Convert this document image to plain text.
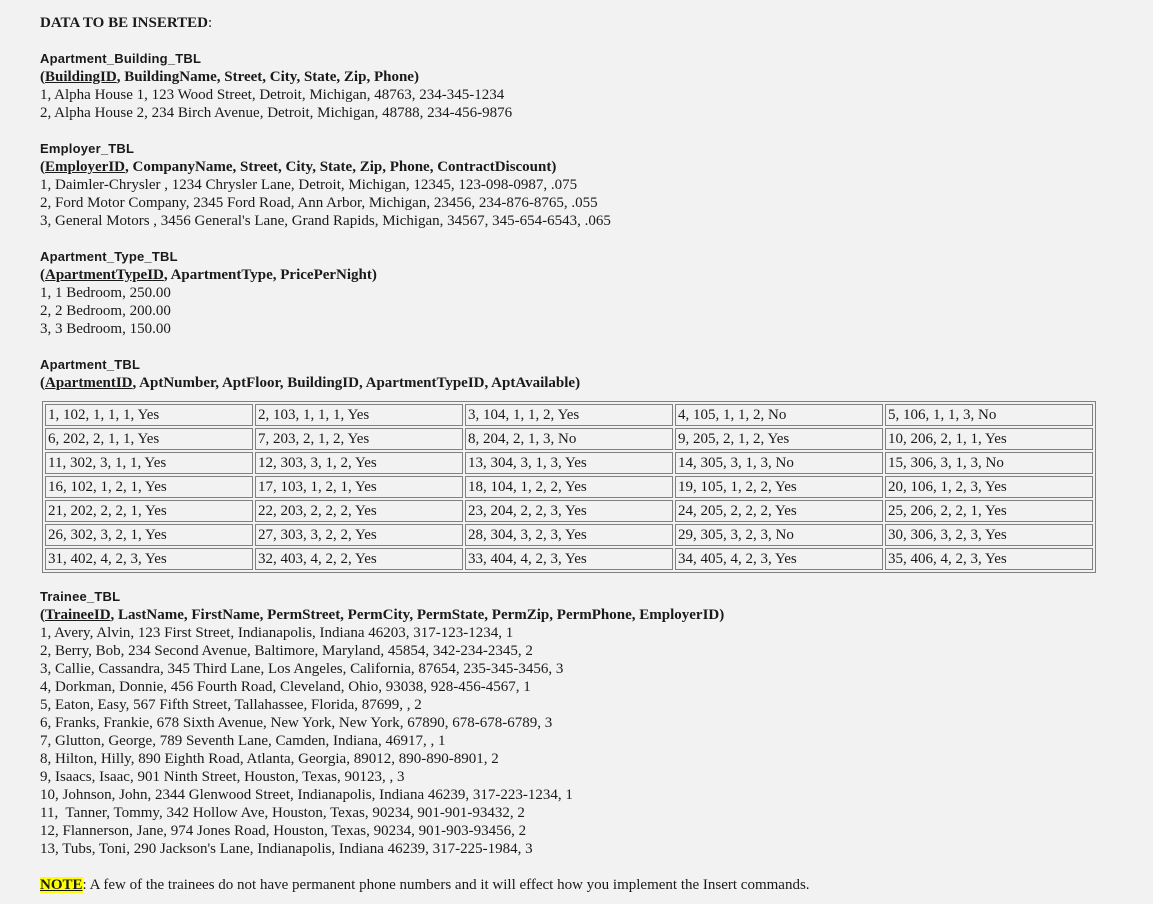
DATA TO BE INSERTED:

Apartment_Building_TBL
(BuildingID, BuildingName, Street, City, State, Zip, Phone)
1, Alpha House 1, 123 Wood Street, Detroit, Michigan, 48763, 234-345-1234
2, Alpha House 2, 234 Birch Avenue, Detroit, Michigan, 48788, 234-456-9876
Employer_TBL
(EmployerID, CompanyName, Street, City, State, Zip, Phone, ContractDiscount)
1, Daimler-Chrysler , 1234 Chrysler Lane, Detroit, Michigan, 12345, 123-098-0987, .075
2, Ford Motor Company, 2345 Ford Road, Ann Arbor, Michigan, 23456, 234-876-8765, .055
3, General Motors , 3456 General's Lane, Grand Rapids, Michigan, 34567, 345-654-6543, .065
Apartment_Type_TBL
(ApartmentTypeID, ApartmentType, PricePerNight)
1, 1 Bedroom, 250.00
2, 2 Bedroom, 200.00
3, 3 Bedroom, 150.00
Apartment_TBL
(ApartmentID, AptNumber, AptFloor, BuildingID, ApartmentTypeID, AptAvailable)
1, 102, 1, 1, 1, Yes	2, 103, 1, 1, 1, Yes	3, 104, 1, 1, 2, Yes	4, 105, 1, 1, 2, No	5, 106, 1, 1, 3, No
6, 202, 2, 1, 1, Yes	7, 203, 2, 1, 2, Yes	8, 204, 2, 1, 3, No	9, 205, 2, 1, 2, Yes	10, 206, 2, 1, 1, Yes
11, 302, 3, 1, 1, Yes	12, 303, 3, 1, 2, Yes	13, 304, 3, 1, 3, Yes	14, 305, 3, 1, 3, No	15, 306, 3, 1, 3, No
16, 102, 1, 2, 1, Yes	17, 103, 1, 2, 1, Yes	18, 104, 1, 2, 2, Yes	19, 105, 1, 2, 2, Yes	20, 106, 1, 2, 3, Yes
21, 202, 2, 2, 1, Yes	22, 203, 2, 2, 2, Yes	23, 204, 2, 2, 3, Yes	24, 205, 2, 2, 2, Yes	25, 206, 2, 2, 1, Yes
26, 302, 3, 2, 1, Yes	27, 303, 3, 2, 2, Yes	28, 304, 3, 2, 3, Yes	29, 305, 3, 2, 3, No	30, 306, 3, 2, 3, Yes
31, 402, 4, 2, 3, Yes	32, 403, 4, 2, 2, Yes	33, 404, 4, 2, 3, Yes	34, 405, 4, 2, 3, Yes	35, 406, 4, 2, 3, Yes
Trainee_TBL
(TraineeID, LastName, FirstName, PermStreet, PermCity, PermState, PermZip, PermPhone, EmployerID)
1, Avery, Alvin, 123 First Street, Indianapolis, Indiana 46203, 317-123-1234, 1
2, Berry, Bob, 234 Second Avenue, Baltimore, Maryland, 45854, 342-234-2345, 2
3, Callie, Cassandra, 345 Third Lane, Los Angeles, California, 87654, 235-345-3456, 3
4, Dorkman, Donnie, 456 Fourth Road, Cleveland, Ohio, 93038, 928-456-4567, 1
5, Eaton, Easy, 567 Fifth Street, Tallahassee, Florida, 87699, , 2
6, Franks, Frankie, 678 Sixth Avenue, New York, New York, 67890, 678-678-6789, 3
7, Glutton, George, 789 Seventh Lane, Camden, Indiana, 46917, , 1
8, Hilton, Hilly, 890 Eighth Road, Atlanta, Georgia, 89012, 890-890-8901, 2
9, Isaacs, Isaac, 901 Ninth Street, Houston, Texas, 90123, , 3
10, Johnson, John, 2344 Glenwood Street, Indianapolis, Indiana 46239, 317-223-1234, 1
11,  Tanner, Tommy, 342 Hollow Ave, Houston, Texas, 90234, 901-901-93432, 2
12, Flannerson, Jane, 974 Jones Road, Houston, Texas, 90234, 901-903-93456, 2
13, Tubs, Toni, 290 Jackson's Lane, Indianapolis, Indiana 46239, 317-225-1984, 3
NOTE: A few of the trainees do not have permanent phone numbers and it will effect how you implement the Insert commands.
